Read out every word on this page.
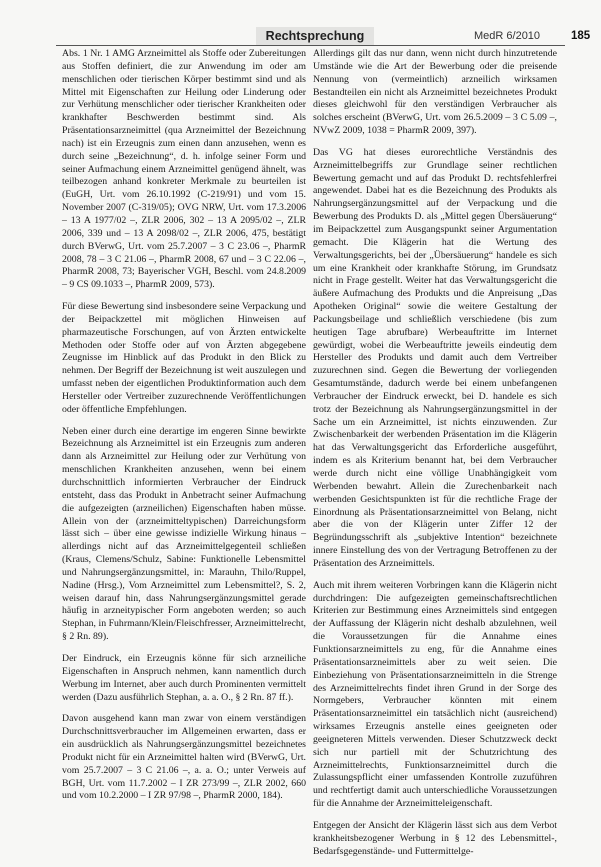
Rechtsprechung	MedR 6/2010	185

Abs. 1 Nr. 1 AMG Arzneimittel als Stoffe oder Zubereitungen aus Stoffen definiert, die zur Anwendung im oder am menschlichen oder tierischen Körper bestimmt sind und als Mittel mit Eigenschaften zur Heilung oder Linderung oder zur Verhütung menschlicher oder tierischer Krankheiten oder krankhafter Beschwerden bestimmt sind. Als Präsentationsarzneimittel (qua Arzneimittel der Bezeichnung nach) ist ein Erzeugnis zum einen dann anzusehen, wenn es durch seine „Bezeichnung“, d. h. infolge seiner Form und seiner Aufmachung einem Arzneimittel genügend ähnelt, was teilbezogen anhand konkreter Merkmale zu beurteilen ist (EuGH, Urt. vom 26.10.1992 (C-219/91) und vom 15. November 2007 (C-319/05); OVG NRW, Urt. vom 17.3.2006 – 13 A 1977/02 –, ZLR 2006, 302 – 13 A 2095/02 –, ZLR 2006, 339 und – 13 A 2098/02 –, ZLR 2006, 475, bestätigt durch BVerwG, Urt. vom 25.7.2007 – 3 C 23.06 –, PharmR 2008, 78 – 3 C 21.06 –, PharmR 2008, 67 und – 3 C 22.06 –, PharmR 2008, 73; Bayerischer VGH, Beschl. vom 24.8.2009 – 9 CS 09.1033 –, PharmR 2009, 573).

Für diese Bewertung sind insbesondere seine Verpackung und der Beipackzettel mit möglichen Hinweisen auf pharmazeutische Forschungen, auf von Ärzten entwickelte Methoden oder Stoffe oder auf von Ärzten abgegebene Zeugnisse im Hinblick auf das Produkt in den Blick zu nehmen. Der Begriff der Bezeichnung ist weit auszulegen und umfasst neben der eigentlichen Produktinformation auch dem Hersteller oder Vertreiber zuzurechnende Veröffentlichungen oder öffentliche Empfehlungen.

Neben einer durch eine derartige im engeren Sinne bewirkte Bezeichnung als Arzneimittel ist ein Erzeugnis zum anderen dann als Arzneimittel zur Heilung oder zur Verhütung von menschlichen Krankheiten anzusehen, wenn bei einem durchschnittlich informierten Verbraucher der Eindruck entsteht, dass das Produkt in Anbetracht seiner Aufmachung die aufgezeigten (arzneilichen) Eigenschaften haben müsse. Allein von der (arzneimitteltypischen) Darreichungsform lässt sich – über eine gewisse indizielle Wirkung hinaus – allerdings nicht auf das Arzneimittelgegenteil schließen (Kraus, Clemens/Schulz, Sabine: Funktionelle Lebensmittel und Nahrungsergänzungsmittel, in: Marauhn, Thilo/Ruppel, Nadine (Hrsg.), Vom Arzneimittel zum Lebensmittel?, S. 2, weisen darauf hin, dass Nahrungsergänzungsmittel gerade häufig in arzneitypischer Form angeboten werden; so auch Stephan, in Fuhrmann/Klein/Fleischfresser, Arzneimittelrecht, § 2 Rn. 89).

Der Eindruck, ein Erzeugnis könne für sich arzneiliche Eigenschaften in Anspruch nehmen, kann namentlich durch Werbung im Internet, aber auch durch Prominenten vermittelt werden (Dazu ausführlich Stephan, a. a. O., § 2 Rn. 87 ff.).

Davon ausgehend kann man zwar von einem verständigen Durchschnittsverbraucher im Allgemeinen erwarten, dass er ein ausdrücklich als Nahrungsergänzungsmittel bezeichnetes Produkt nicht für ein Arzneimittel halten wird (BVerwG, Urt. vom 25.7.2007 – 3 C 21.06 –, a. a. O.; unter Verweis auf BGH, Urt. vom 11.7.2002 – I ZR 273/99 –, ZLR 2002, 660 und vom 10.2.2000 – I ZR 97/98 –, PharmR 2000, 184).

Allerdings gilt das nur dann, wenn nicht durch hinzutretende Umstände wie die Art der Bewerbung oder die preisende Nennung von (vermeintlich) arzneilich wirksamen Bestandteilen ein nicht als Arzneimittel bezeichnetes Produkt dieses gleichwohl für den verständigen Verbraucher als solches erscheint (BVerwG, Urt. vom 26.5.2009 – 3 C 5.09 –, NVwZ 2009, 1038 = PharmR 2009, 397).

Das VG hat dieses eurorechtliche Verständnis des Arzneimittelbegriffs zur Grundlage seiner rechtlichen Bewertung gemacht und auf das Produkt D. rechtsfehlerfrei angewendet. Dabei hat es die Bezeichnung des Produkts als Nahrungsergänzungsmittel auf der Verpackung und die Bewerbung des Produkts D. als „Mittel gegen Übersäuerung“ im Beipackzettel zum Ausgangspunkt seiner Argumentation gemacht. Die Klägerin hat die Wertung des Verwaltungsgerichts, bei der „Übersäuerung“ handele es sich um eine Krankheit oder krankhafte Störung, im Grundsatz nicht in Frage gestellt. Weiter hat das Verwaltungsgericht die äußere Aufmachung des Produkts und die Anpreisung „Das Apotheken Original“ sowie die weitere Gestaltung der Packungsbeilage und schließlich verschiedene (bis zum heutigen Tage abrufbare) Werbeauftritte im Internet gewürdigt, wobei die Werbeauftritte jeweils eindeutig dem Hersteller des Produkts und damit auch dem Vertreiber zuzurechnen sind. Gegen die Bewertung der vorliegenden Gesamtumstände, dadurch werde bei einem unbefangenen Verbraucher der Eindruck erweckt, bei D. handele es sich trotz der Bezeichnung als Nahrungsergänzungsmittel in der Sache um ein Arzneimittel, ist nichts einzuwenden. Zur Zwischenbarkeit der werbenden Präsentation im die Klägerin hat das Verwaltungsgericht das Erforderliche ausgeführt, indem es als Kriterium benannt hat, bei dem Verbraucher werde durch nicht eine völlige Unabhängigkeit vom Werbenden bewahrt. Allein die Zurechenbarkeit nach werbenden Gesichtspunkten ist für die rechtliche Frage der Einordnung als Präsentationsarzneimittel von Belang, nicht aber die von der Klägerin unter Ziffer 12 der Begründungsschrift als „subjektive Intention“ bezeichnete innere Einstellung des von der Vertragung Betroffenen zu der Präsentation des Arzneimittels.

Auch mit ihrem weiteren Vorbringen kann die Klägerin nicht durchdringen: Die aufgezeigten gemeinschaftsrechtlichen Kriterien zur Bestimmung eines Arzneimittels sind entgegen der Auffassung der Klägerin nicht deshalb abzulehnen, weil die Voraussetzungen für die Annahme eines Funktionsarzneimittels zu eng, für die Annahme eines Präsentationsarzneimittels aber zu weit seien. Die Einbeziehung von Präsentationsarzneimitteln in die Strenge des Arzneimittelrechts findet ihren Grund in der Sorge des Normgebers, Verbraucher könnten mit einem Präsentationsarzneimittel ein tatsächlich nicht (ausreichend) wirksames Erzeugnis anstelle eines geeigneten oder geeigneteren Mittels verwenden. Dieser Schutzzweck deckt sich nur partiell mit der Schutzrichtung des Arzneimittelrechts, Funktionsarzneimittel durch die Zulassungspflicht einer umfassenden Kontrolle zuzuführen und rechtfertigt damit auch unterschiedliche Voraussetzungen für die Annahme der Arzneimitteleigenschaft.

Entgegen der Ansicht der Klägerin lässt sich aus dem Verbot krankheitsbezogener Werbung in § 12 des Lebensmittel-, Bedarfsgegenstände- und Futtermittelge-
